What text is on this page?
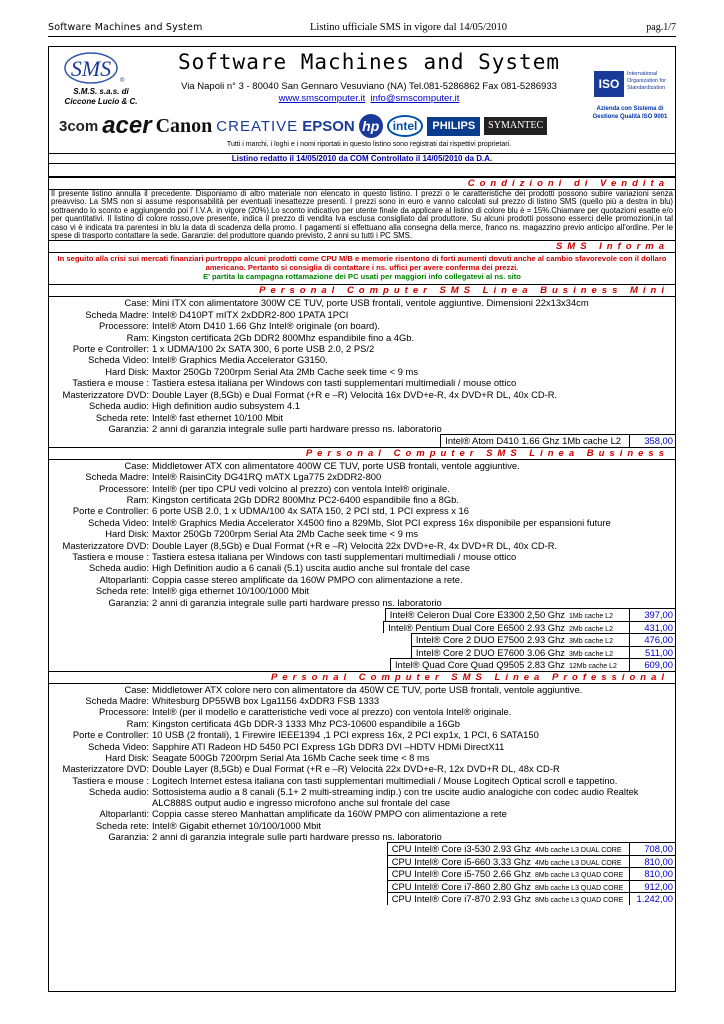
Software Machines and System	Listino ufficiale SMS in vigore dal 14/05/2010	pag.1/7
SMS ®
S.M.S. s.a.s. di
Ciccone Lucio & C.
Software Machines and System
Via Napoli n° 3 - 80040 San Gennaro Vesuviano (NA) Tel.081-5286862 Fax 081-5286933
www.smscomputer.it info@smscomputer.it
3com acer Canon CREATIVE EPSON hp	intel	PHILIPS	SYMANTEC
ISO
International Organization for Standardization
Azienda con Sistema di Gestione Qualità ISO 9001
Tutti i marchi, i loghi e i nomi riportati in questo listino sono registrati dai rispettivi proprietari.
Listino redatto il 14/05/2010 da COM Controllato il 14/05/2010 da D.A.
Condizioni di Vendita
Il presente listino annulla il precedente. Disponiamo di altro materiale non elencato in questo listino. I prezzi o le caratteristiche dei prodotti possono subire variazioni senza preavviso. La SMS non si assume responsabilità per eventuali inesattezze presenti. I prezzi sono in euro e vanno calcolati sul prezzo di listino SMS (quello più a destra in blu) sottraendo lo sconto e aggiungendo poi l' I.V.A. in vigore (20%).Lo sconto indicativo per utente finale da applicare al listino di colore blu è = 15%.Chiamare per quotazioni esatte e/o per quantitativi. Il listino di colore rosso,ove presente, indica il prezzo di vendita Iva esclusa consigliato dal produttore. Su alcuni prodotti possono esserci delle promozioni,in tal caso vi è indicata tra parentesi in blu la data di scadenza della promo. I pagamenti si effettuano alla consegna della merce, franco ns. magazzino previo anticipo all'ordine. Per le spese di trasporto contattare la sede. Garanzie: del produttore quando previsto, 2 anni su tutti i PC SMS.
SMS Informa
In seguito alla crisi sui mercati finanziari purtroppo alcuni prodotti come CPU M/B e memorie risentono di forti aumenti dovuti anche al cambio sfavorevole con il dollaro americano. Pertanto si consiglia di contattare i ns. uffici per avere conferma dei prezzi.
E' partita la campagna rottamazione dei PC usati per maggiori info collegatevi al ns. sito
Personal Computer SMS Linea Business Mini
Case: Mini ITX con alimentatore 300W CE TUV, porte USB frontali, ventole aggiuntive. Dimensioni 22x13x34cm
Scheda Madre: Intel® D410PT mITX 2xDDR2-800 1PATA 1PCI
Processore: Intel® Atom D410 1.66 Ghz Intel® originale (on board).
Ram: Kingston certificata 2Gb DDR2 800Mhz espandibile fino a 4Gb.
Porte e Controller: 1 x UDMA/100 2x SATA 300, 6 porte USB 2.0, 2 PS/2
Scheda Video: Intel® Graphics Media Accelerator G3150.
Hard Disk: Maxtor 250Gb 7200rpm Serial Ata 2Mb Cache seek time < 9 ms
Tastiera e mouse : Tastiera estesa italiana per Windows con tasti supplementari multimediali / mouse ottico
Masterizzatore DVD: Double Layer (8,5Gb) e Dual Format (+R e –R) Velocità 16x DVD+e-R, 4x DVD+R DL, 40x CD-R.
Scheda audio: High definition audio subsystem 4.1
Scheda rete: Intel® fast ethernet 10/100 Mbit
Garanzia: 2 anni di garanzia integrale sulle parti hardware presso ns. laboratorio
Intel® Atom D410 1.66 Ghz 1Mb cache L2	358,00
Personal Computer SMS Linea Business
Case: Middletower ATX con alimentatore 400W CE TUV, porte USB frontali, ventole aggiuntive.
Scheda Madre: Intel® RaisinCity DG41RQ mATX Lga775 2xDDR2-800
Processore: Intel® (per tipo CPU vedi volcino al prezzo) con ventola Intel® originale.
Ram: Kingston certificata 2Gb DDR2 800Mhz PC2-6400 espandibile fino a 8Gb.
Porte e Controller: 6 porte USB 2.0, 1 x UDMA/100 4x SATA 150, 2 PCI std, 1 PCI express x 16
Scheda Video: Intel® Graphics Media Accelerator X4500 fino a 829Mb, Slot PCI express 16x disponibile per espansioni future
Hard Disk: Maxtor 250Gb 7200rpm Serial Ata 2Mb Cache seek time < 9 ms
Masterizzatore DVD: Double Layer (8,5Gb) e Dual Format (+R e –R) Velocità 22x DVD+e-R, 4x DVD+R DL, 40x CD-R.
Tastiera e mouse : Tastiera estesa italiana per Windows con tasti supplementari multimediali / mouse ottico
Scheda audio: High Definition audio a 6 canali (5.1) uscita audio anche sul frontale del case
Altoparlanti: Coppia casse stereo amplificate da 160W PMPO con alimentazione a rete.
Scheda rete: Intel® giga ethernet 10/100/1000 Mbit
Garanzia: 2 anni di garanzia integrale sulle parti hardware presso ns. laboratorio
Intel® Celeron Dual Core E3300 2,50 Ghz 1Mb cache L2	397,00
Intel® Pentium Dual Core E6500 2.93 Ghz 2Mb cache L2	431,00
Intel® Core 2 DUO E7500 2.93 Ghz 3Mb cache L2	476,00
Intel® Core 2 DUO E7600 3.06 Ghz 3Mb cache L2	511,00
Intel® Quad Core Quad Q9505 2.83 Ghz 12Mb cache L2	609,00
Personal Computer SMS Linea Professional
Case: Middletower ATX colore nero con alimentatore da 450W CE TUV, porte USB frontali, ventole aggiuntive.
Scheda Madre: Whitesburg DP55WB box Lga1156 4xDDR3 FSB 1333
Processore: Intel® (per il modello e caratteristiche vedi voce al prezzo) con ventola Intel® originale.
Ram: Kingston certificata 4Gb DDR-3 1333 Mhz PC3-10600 espandibile a 16Gb
Porte e Controller: 10 USB (2 frontali), 1 Firewire IEEE1394 ,1 PCI express 16x, 2 PCI exp1x, 1 PCI, 6 SATA150
Scheda Video: Sapphire ATI Radeon HD 5450 PCI Express 1Gb DDR3 DVI –HDTV HDMi DirectX11
Hard Disk: Seagate 500Gb 7200rpm Serial Ata 16Mb Cache seek time < 8 ms
Masterizzatore DVD: Double Layer (8,5Gb) e Dual Format (+R e –R) Velocità 22x DVD+e-R, 12x DVD+R DL, 48x CD-R
Tastiera e mouse : Logitech Internet estesa italiana con tasti supplementari multimediali / Mouse Logitech Optical scroll e tappetino.
Scheda audio: Sottosistema audio a 8 canali (5.1+ 2 multi-streaming indip.) con tre uscite audio analogiche con codec audio Realtek ALC888S output audio e ingresso microfono anche sul frontale del case
Altoparlanti: Coppia casse stereo Manhattan amplificate da 160W PMPO con alimentazione a rete
Scheda rete: Intel® Gigabit ethernet 10/100/1000 Mbit
Garanzia: 2 anni di garanzia integrale sulle parti hardware presso ns. laboratorio
CPU Intel® Core i3-530 2.93 Ghz 4Mb cache L3 DUAL CORE	708,00
CPU Intel® Core i5-660 3.33 Ghz 4Mb cache L3 DUAL CORE	810,00
CPU Intel® Core i5-750 2.66 Ghz 8Mb cache L3 QUAD CORE	810,00
CPU Intel® Core i7-860 2.80 Ghz 8Mb cache L3 QUAD CORE	912,00
CPU Intel® Core i7-870 2.93 Ghz 8Mb cache L3 QUAD CORE	1.242,00
